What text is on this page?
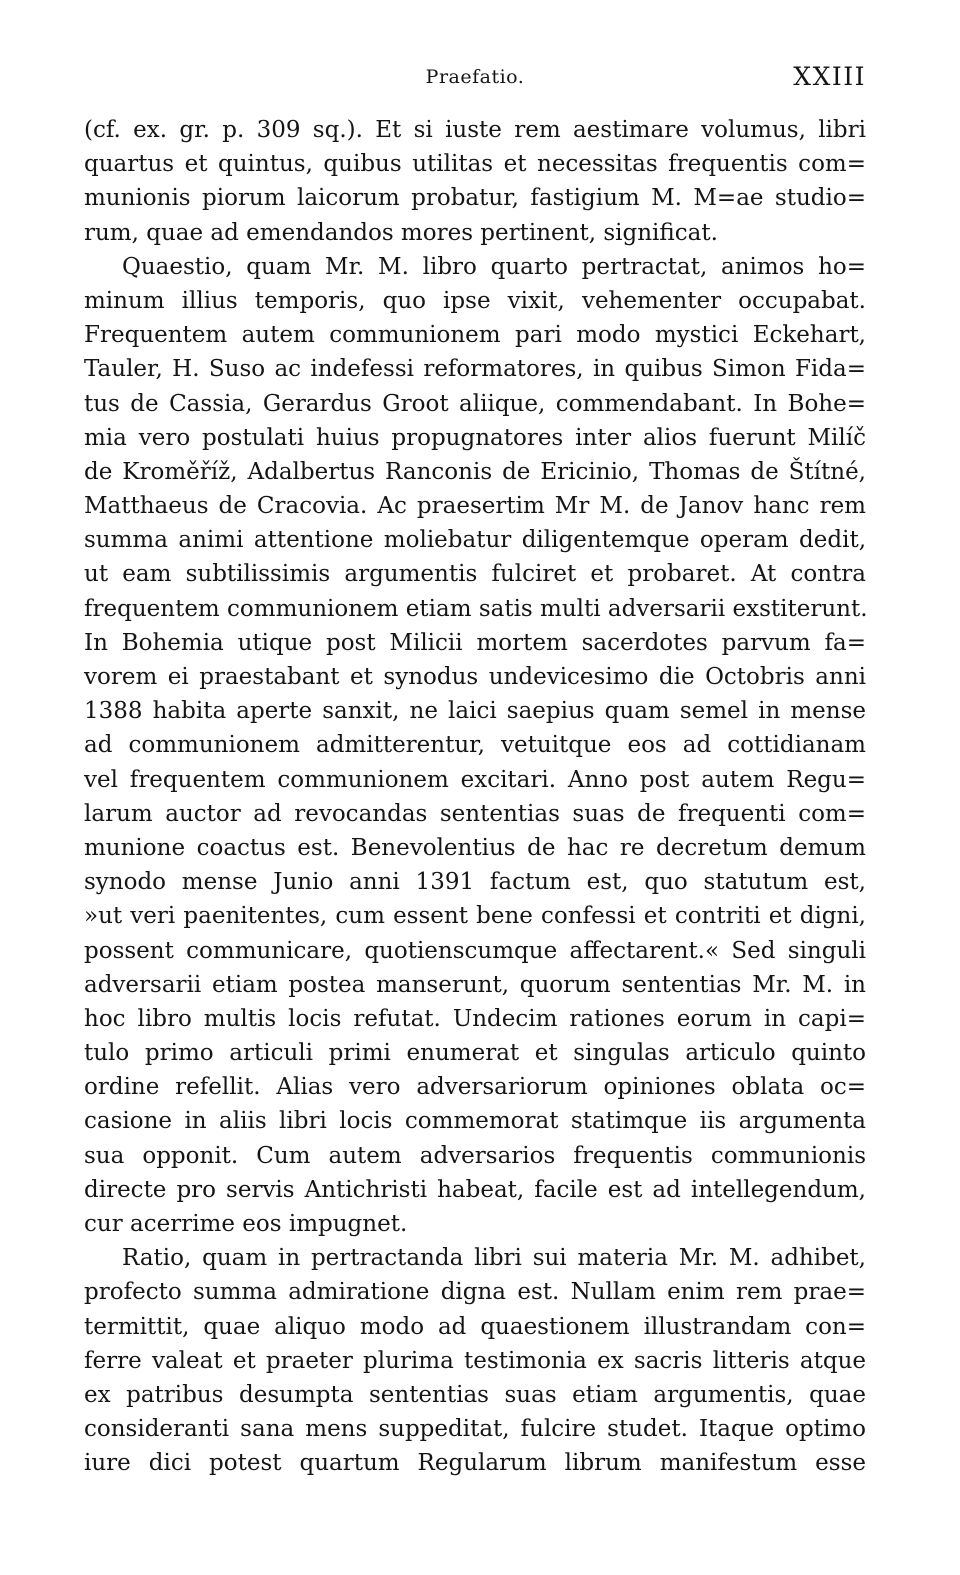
Praefatio.	XXIII
(cf. ex. gr. p. 309 sq.). Et si iuste rem aestimare volumus, libri
quartus et quintus, quibus utilitas et necessitas frequentis com=
munionis piorum laicorum probatur, fastigium M. M=ae studio=
rum, quae ad emendandos mores pertinent, significat.
Quaestio, quam Mr. M. libro quarto pertractat, animos ho=
minum illius temporis, quo ipse vixit, vehementer occupabat.
Frequentem autem communionem pari modo mystici Eckehart,
Tauler, H. Suso ac indefessi reformatores, in quibus Simon Fida=
tus de Cassia, Gerardus Groot aliique, commendabant. In Bohe=
mia vero postulati huius propugnatores inter alios fuerunt Milíč
de Kroměříž, Adalbertus Ranconis de Ericinio, Thomas de Štítné,
Matthaeus de Cracovia. Ac praesertim Mr M. de Janov hanc rem
summa animi attentione moliebatur diligentemque operam dedit,
ut eam subtilissimis argumentis fulciret et probaret. At contra
frequentem communionem etiam satis multi adversarii exstiterunt.
In Bohemia utique post Milicii mortem sacerdotes parvum fa=
vorem ei praestabant et synodus undevicesimo die Octobris anni
1388 habita aperte sanxit, ne laici saepius quam semel in mense
ad communionem admitterentur, vetuitque eos ad cottidianam
vel frequentem communionem excitari. Anno post autem Regu=
larum auctor ad revocandas sententias suas de frequenti com=
munione coactus est. Benevolentius de hac re decretum demum
synodo mense Junio anni 1391 factum est, quo statutum est,
»ut veri paenitentes, cum essent bene confessi et contriti et digni,
possent communicare, quotienscumque affectarent.« Sed singuli
adversarii etiam postea manserunt, quorum sententias Mr. M. in
hoc libro multis locis refutat. Undecim rationes eorum in capi=
tulo primo articuli primi enumerat et singulas articulo quinto
ordine refellit. Alias vero adversariorum opiniones oblata oc=
casione in aliis libri locis commemorat statimque iis argumenta
sua opponit. Cum autem adversarios frequentis communionis
directe pro servis Antichristi habeat, facile est ad intellegendum,
cur acerrime eos impugnet.
Ratio, quam in pertractanda libri sui materia Mr. M. adhibet,
profecto summa admiratione digna est. Nullam enim rem prae=
termittit, quae aliquo modo ad quaestionem illustrandam con=
ferre valeat et praeter plurima testimonia ex sacris litteris atque
ex patribus desumpta sententias suas etiam argumentis, quae
consideranti sana mens suppeditat, fulcire studet. Itaque optimo
iure dici potest quartum Regularum librum manifestum esse
